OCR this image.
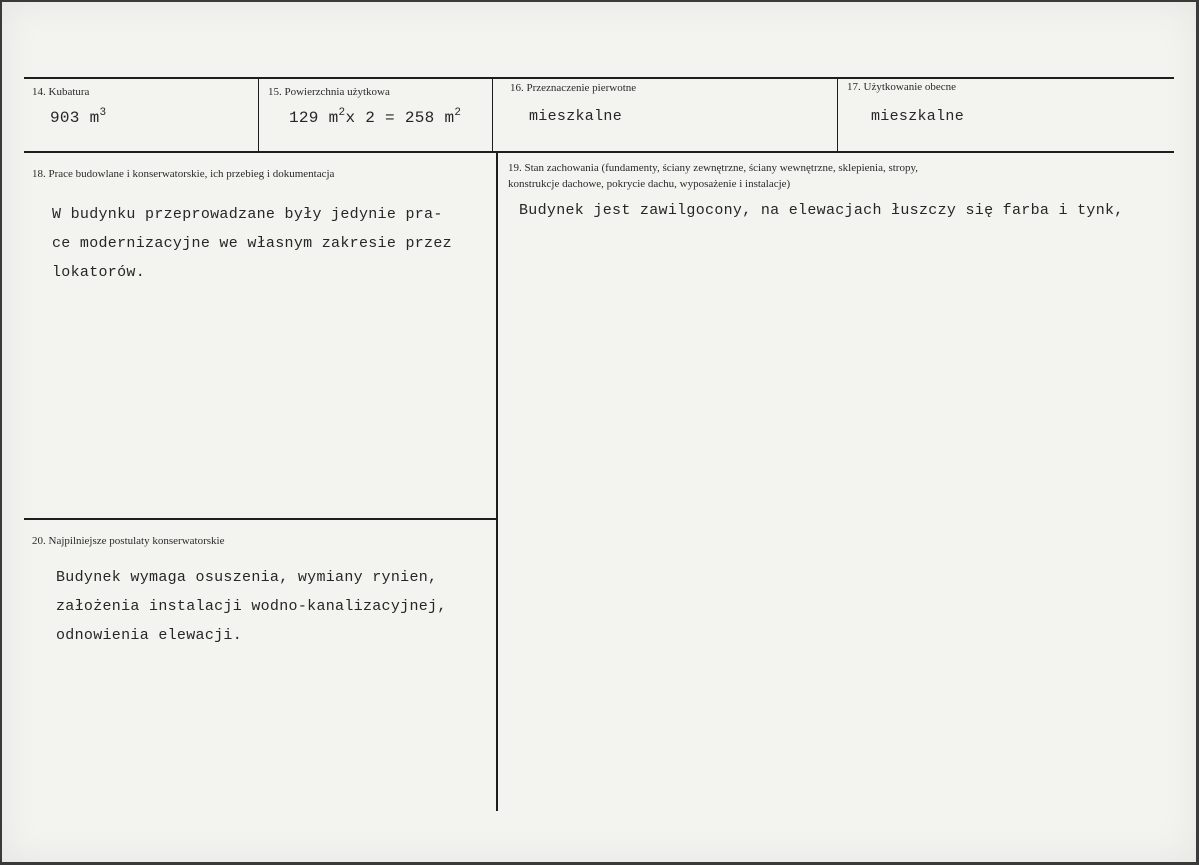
14. Kubatura
903 $m^3$
15. Powierzchnia użytkowa
129 $m^2x$ 2 = 258 $m^2$
16. Przeznaczenie pierwotne
mieszkalne
17. Użytkowanie obecne
mieszkalne
18. Prace budowlane i konserwatorskie, ich przebieg i dokumentacja
W budynku przeprowadzane były jedynie pra-
ce modernizacyjne we własnym zakresie przez
lokatorów.
19. Stan zachowania (fundamenty, ściany zewnętrzne, ściany wewnętrzne, sklepienia, stropy,
konstrukcje dachowe, pokrycie dachu, wyposażenie i instalacje)
Budynek jest zawilgocony, na elewacjach łuszczy się farba i tynk,
20. Najpilniejsze postulaty konserwatorskie
Budynek wymaga osuszenia, wymiany rynien,
założenia instalacji wodno-kanalizacyjnej,
odnowienia elewacji.
